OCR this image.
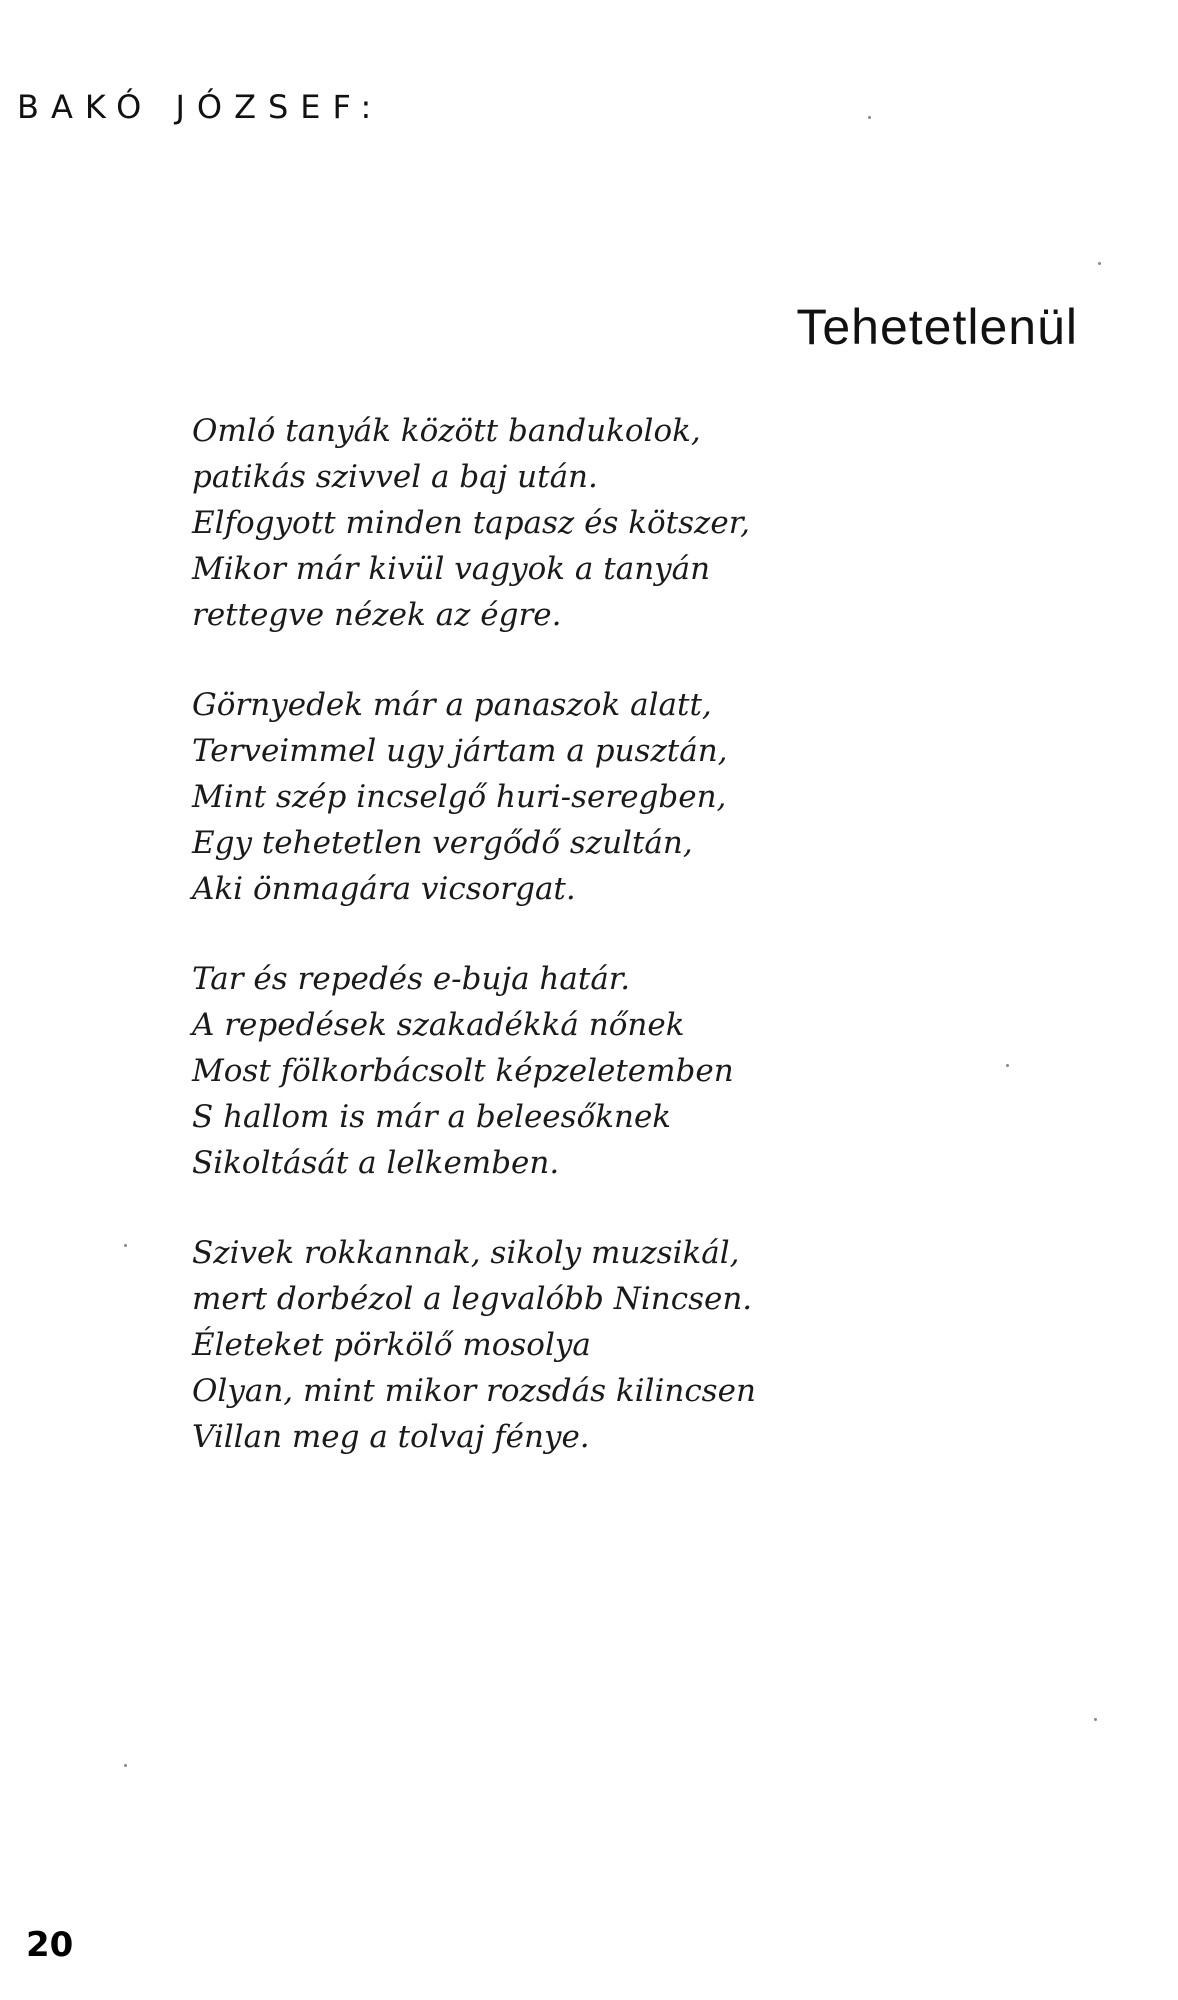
BAKÓ JÓZSEF:
Tehetetlenül
Omló tanyák között bandukolok,
patikás szivvel a baj után.
Elfogyott minden tapasz és kötszer,
Mikor már kivül vagyok a tanyán
rettegve nézek az égre.
Görnyedek már a panaszok alatt,
Terveimmel ugy jártam a pusztán,
Mint szép incselgő huri-seregben,
Egy tehetetlen vergődő szultán,
Aki önmagára vicsorgat.
Tar és repedés e-buja határ.
A repedések szakadékká nőnek
Most fölkorbácsolt képzeletemben
S hallom is már a beleesőknek
Sikoltását a lelkemben.
Szivek rokkannak, sikoly muzsikál,
mert dorbézol a legvalóbb Nincsen.
Életeket pörkölő mosolya
Olyan, mint mikor rozsdás kilincsen
Villan meg a tolvaj fénye.
20
